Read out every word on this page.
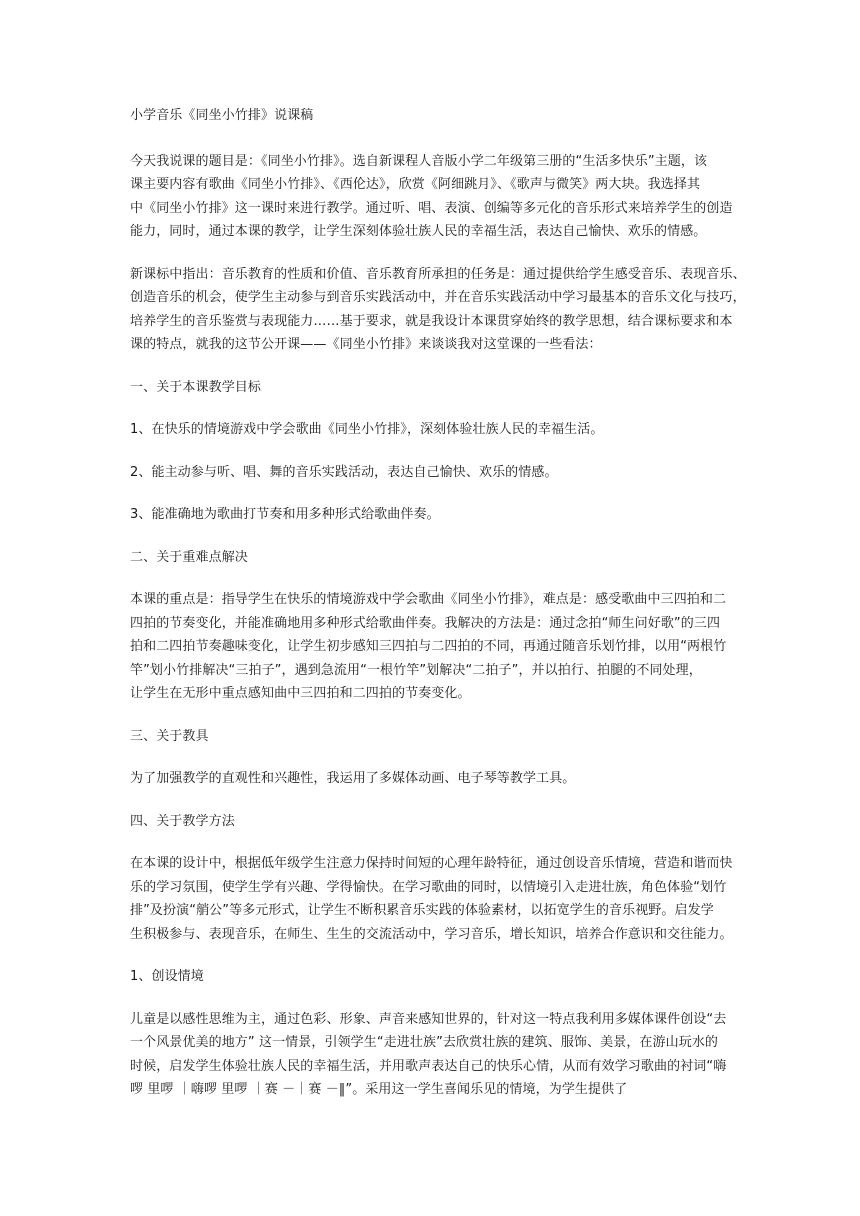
小学音乐《同坐小竹排》说课稿
今天我说课的题目是：《同坐小竹排》。选自新课程人音版小学二年级第三册的“生活多快乐”主题，该
课主要内容有歌曲《同坐小竹排》、《西伦达》，欣赏《阿细跳月》、《歌声与微笑》两大块。我选择其
中《同坐小竹排》这一课时来进行教学。通过听、唱、表演、创编等多元化的音乐形式来培养学生的创造
能力，同时，通过本课的教学，让学生深刻体验壮族人民的幸福生活，表达自己愉快、欢乐的情感。
新课标中指出：音乐教育的性质和价值、音乐教育所承担的任务是：通过提供给学生感受音乐、表现音乐、
创造音乐的机会，使学生主动参与到音乐实践活动中，并在音乐实践活动中学习最基本的音乐文化与技巧，
培养学生的音乐鉴赏与表现能力……基于要求，就是我设计本课贯穿始终的教学思想，结合课标要求和本
课的特点，就我的这节公开课——《同坐小竹排》来谈谈我对这堂课的一些看法：
一、关于本课教学目标
1、在快乐的情境游戏中学会歌曲《同坐小竹排》，深刻体验壮族人民的幸福生活。
2、能主动参与听、唱、舞的音乐实践活动，表达自己愉快、欢乐的情感。
3、能准确地为歌曲打节奏和用多种形式给歌曲伴奏。
二、关于重难点解决
本课的重点是：指导学生在快乐的情境游戏中学会歌曲《同坐小竹排》，难点是：感受歌曲中三四拍和二
四拍的节奏变化，并能准确地用多种形式给歌曲伴奏。我解决的方法是：通过念拍“师生问好歌”的三四
拍和二四拍节奏趣味变化，让学生初步感知三四拍与二四拍的不同，再通过随音乐划竹排，以用“两根竹
竿”划小竹排解决“三拍子”，遇到急流用“一根竹竿”划解决“二拍子”，并以拍行、拍腿的不同处理，
让学生在无形中重点感知曲中三四拍和二四拍的节奏变化。
三、关于教具
为了加强教学的直观性和兴趣性，我运用了多媒体动画、电子琴等教学工具。
四、关于教学方法
在本课的设计中，根据低年级学生注意力保持时间短的心理年龄特征，通过创设音乐情境，营造和谐而快
乐的学习氛围，使学生学有兴趣、学得愉快。在学习歌曲的同时，以情境引入走进壮族，角色体验“划竹
排”及扮演“艄公”等多元形式，让学生不断积累音乐实践的体验素材，以拓宽学生的音乐视野。启发学
生积极参与、表现音乐，在师生、生生的交流活动中，学习音乐，增长知识，培养合作意识和交往能力。
1、创设情境
儿童是以感性思维为主，通过色彩、形象、声音来感知世界的，针对这一特点我利用多媒体课件创设“去
一个风景优美的地方” 这一情景，引领学生“走进壮族”去欣赏壮族的建筑、服饰、美景，在游山玩水的
时候，启发学生体验壮族人民的幸福生活，并用歌声表达自己的快乐心情，从而有效学习歌曲的衬词“嗨
啰 里啰 ｜嗨啰 里啰 ｜赛 －｜赛 －‖”。采用这一学生喜闻乐见的情境，为学生提供了
